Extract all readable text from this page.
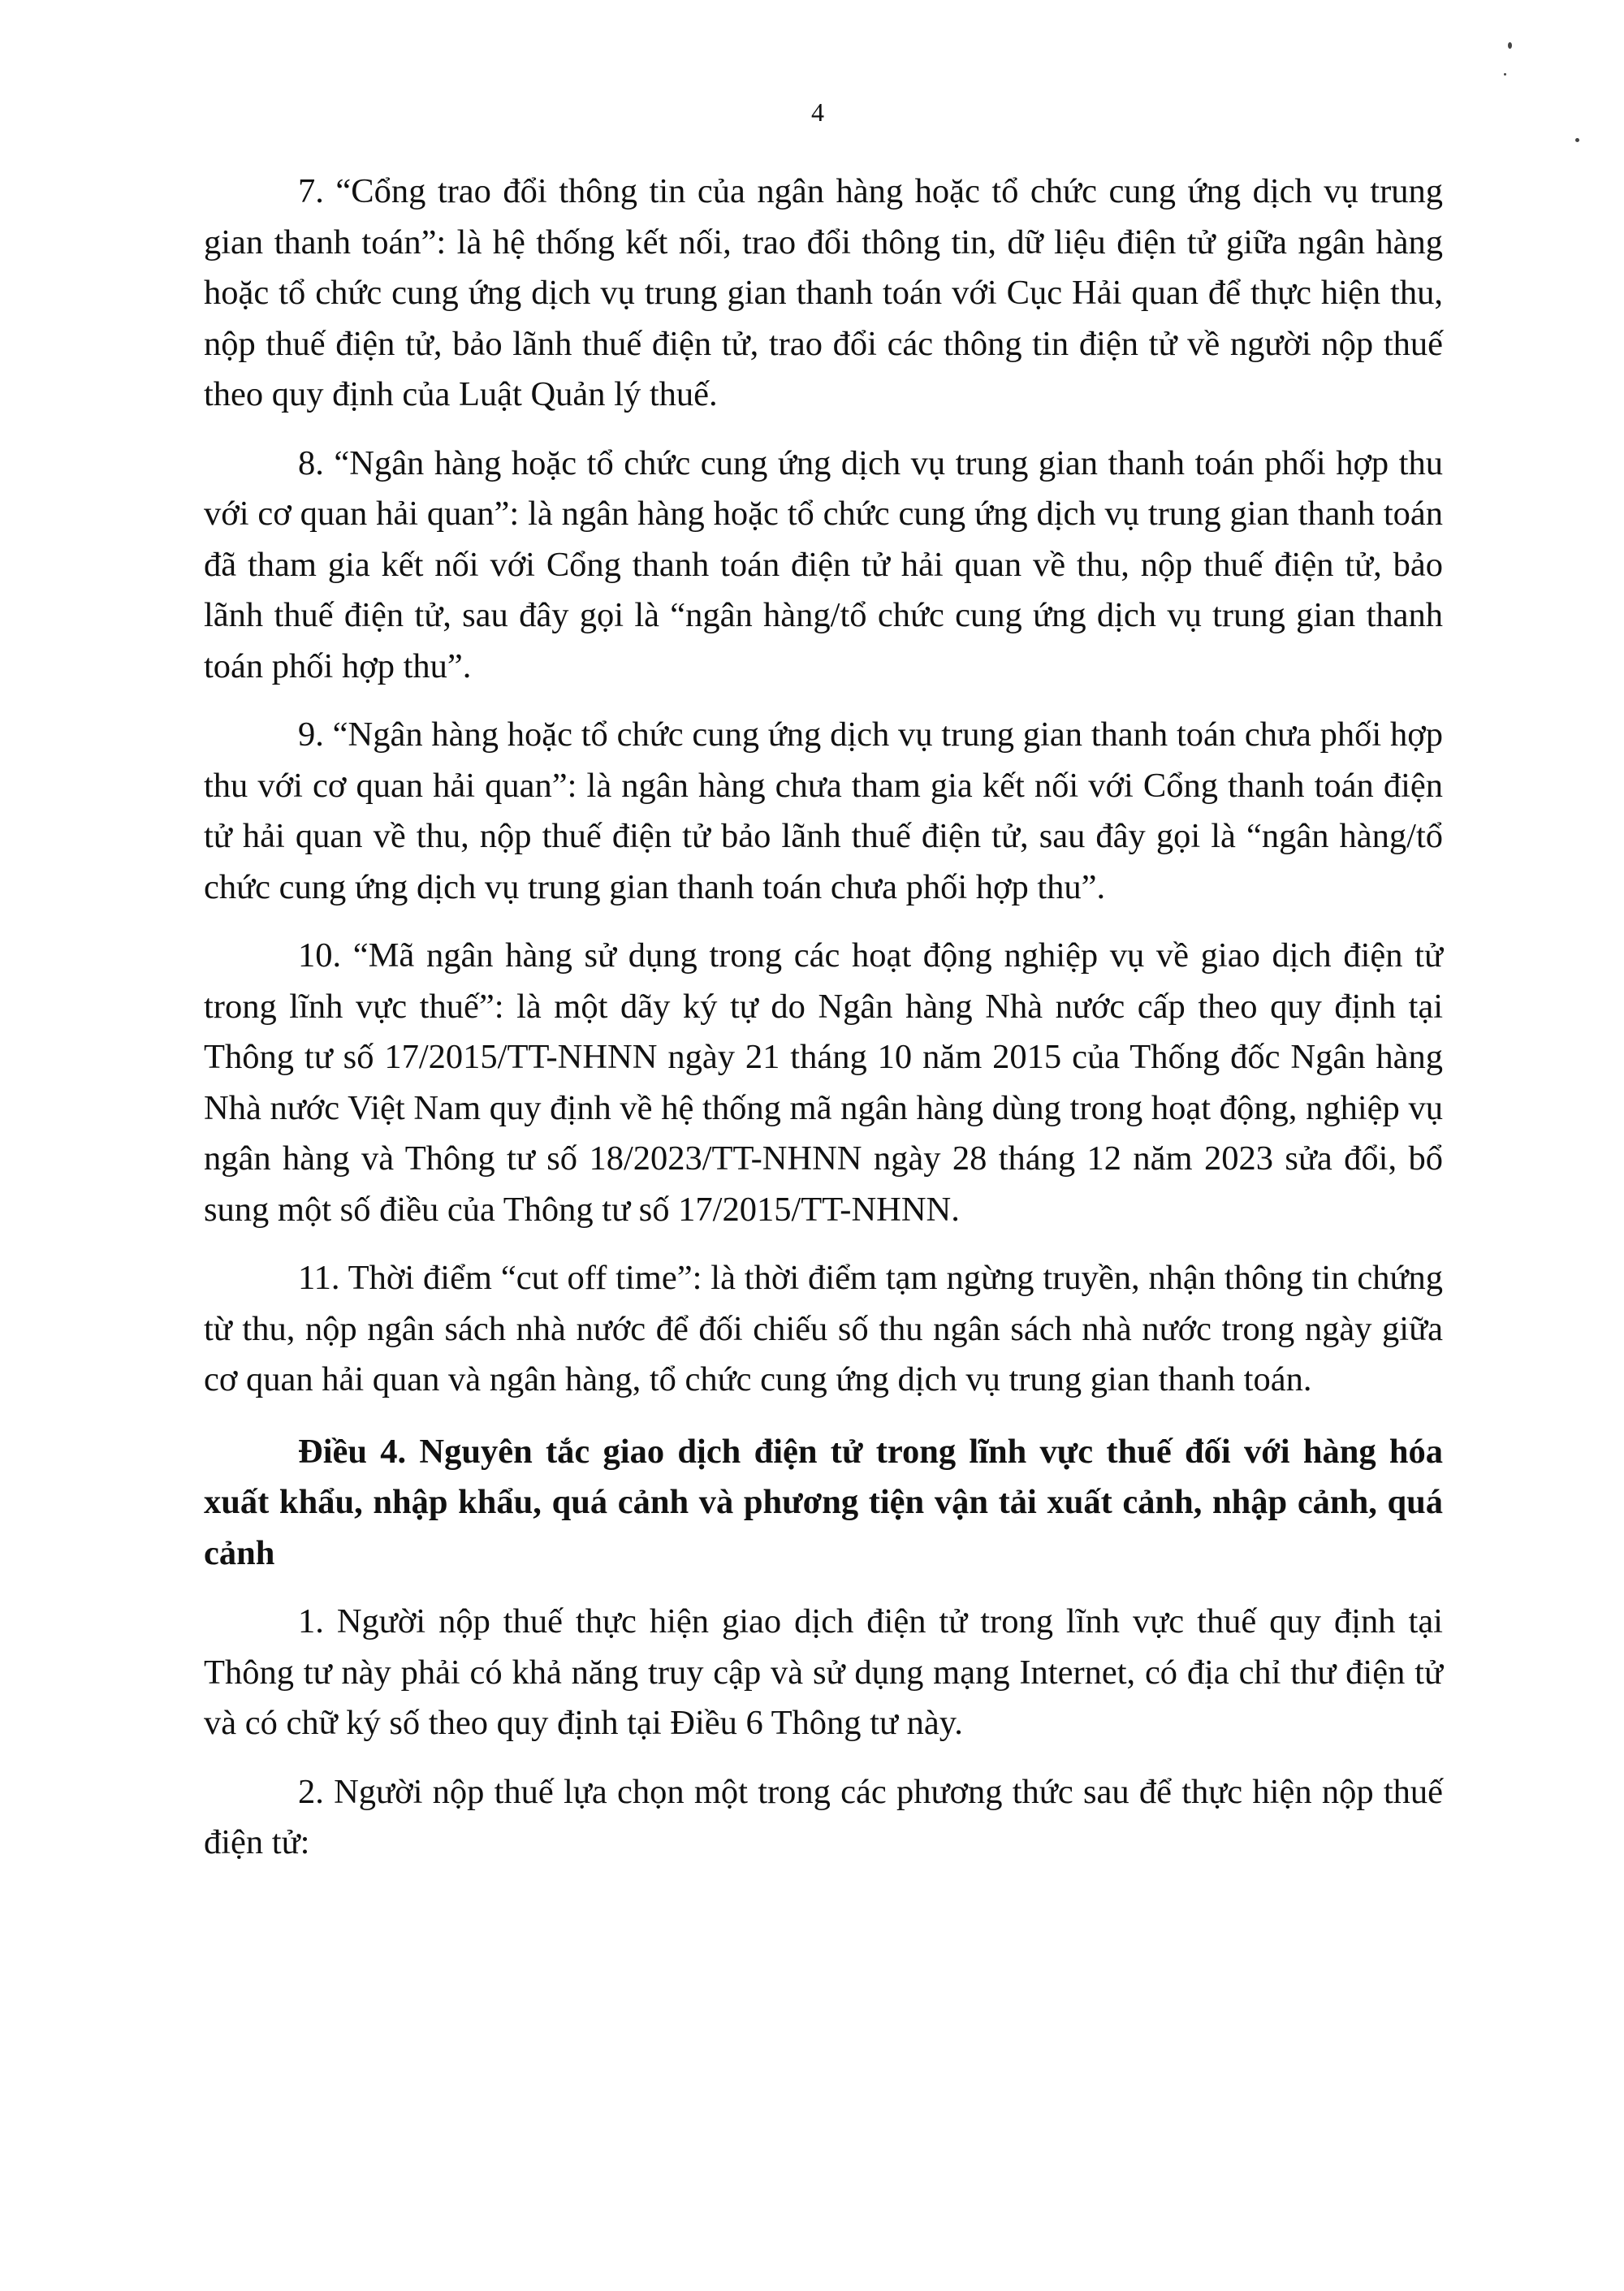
4

7. “Cổng trao đổi thông tin của ngân hàng hoặc tổ chức cung ứng dịch vụ trung gian thanh toán”: là hệ thống kết nối, trao đổi thông tin, dữ liệu điện tử giữa ngân hàng hoặc tổ chức cung ứng dịch vụ trung gian thanh toán với Cục Hải quan để thực hiện thu, nộp thuế điện tử, bảo lãnh thuế điện tử, trao đổi các thông tin điện tử về người nộp thuế theo quy định của Luật Quản lý thuế.

8. “Ngân hàng hoặc tổ chức cung ứng dịch vụ trung gian thanh toán phối hợp thu với cơ quan hải quan”: là ngân hàng hoặc tổ chức cung ứng dịch vụ trung gian thanh toán đã tham gia kết nối với Cổng thanh toán điện tử hải quan về thu, nộp thuế điện tử, bảo lãnh thuế điện tử, sau đây gọi là “ngân hàng/tổ chức cung ứng dịch vụ trung gian thanh toán phối hợp thu”.

9. “Ngân hàng hoặc tổ chức cung ứng dịch vụ trung gian thanh toán chưa phối hợp thu với cơ quan hải quan”: là ngân hàng chưa tham gia kết nối với Cổng thanh toán điện tử hải quan về thu, nộp thuế điện tử bảo lãnh thuế điện tử, sau đây gọi là “ngân hàng/tổ chức cung ứng dịch vụ trung gian thanh toán chưa phối hợp thu”.

10. “Mã ngân hàng sử dụng trong các hoạt động nghiệp vụ về giao dịch điện tử trong lĩnh vực thuế”: là một dãy ký tự do Ngân hàng Nhà nước cấp theo quy định tại Thông tư số 17/2015/TT-NHNN ngày 21 tháng 10 năm 2015 của Thống đốc Ngân hàng Nhà nước Việt Nam quy định về hệ thống mã ngân hàng dùng trong hoạt động, nghiệp vụ ngân hàng và Thông tư số 18/2023/TT-NHNN ngày 28 tháng 12 năm 2023 sửa đổi, bổ sung một số điều của Thông tư số 17/2015/TT-NHNN.

11. Thời điểm “cut off time”: là thời điểm tạm ngừng truyền, nhận thông tin chứng từ thu, nộp ngân sách nhà nước để đối chiếu số thu ngân sách nhà nước trong ngày giữa cơ quan hải quan và ngân hàng, tổ chức cung ứng dịch vụ trung gian thanh toán.

Điều 4. Nguyên tắc giao dịch điện tử trong lĩnh vực thuế đối với hàng hóa xuất khẩu, nhập khẩu, quá cảnh và phương tiện vận tải xuất cảnh, nhập cảnh, quá cảnh

1. Người nộp thuế thực hiện giao dịch điện tử trong lĩnh vực thuế quy định tại Thông tư này phải có khả năng truy cập và sử dụng mạng Internet, có địa chỉ thư điện tử và có chữ ký số theo quy định tại Điều 6 Thông tư này.

2. Người nộp thuế lựa chọn một trong các phương thức sau để thực hiện nộp thuế điện tử:
